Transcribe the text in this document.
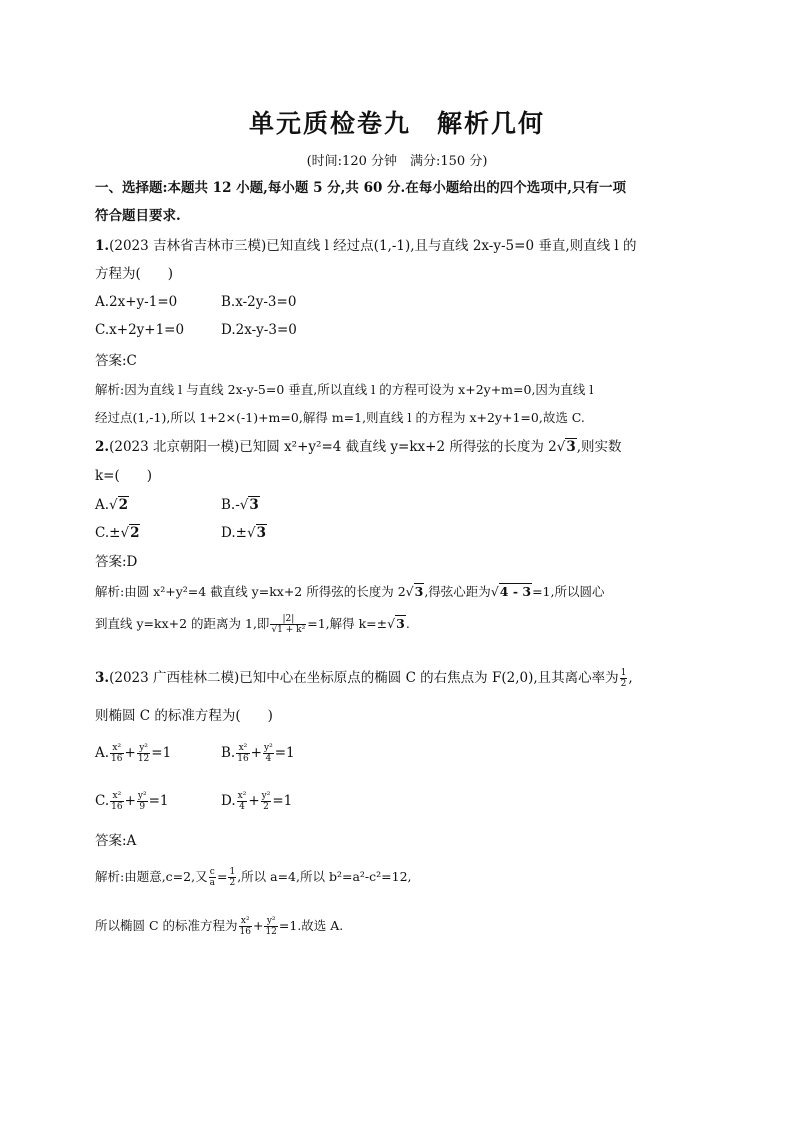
单元质检卷九 解析几何
(时间:120 分钟　满分:150 分)
一、选择题:本题共 12 小题,每小题 5 分,共 60 分.在每小题给出的四个选项中,只有一项
符合题目要求.
1.(2023 吉林省吉林市三模)已知直线 l 经过点(1,-1),且与直线 2x-y-5=0 垂直,则直线 l 的
方程为(　　)
A.2x+y-1=0	B.x-2y-3=0
C.x+2y+1=0	D.2x-y-3=0
答案:C
解析:因为直线 l 与直线 2x-y-5=0 垂直,所以直线 l 的方程可设为 x+2y+m=0,因为直线 l
经过点(1,-1),所以 1+2×(-1)+m=0,解得 m=1,则直线 l 的方程为 x+2y+1=0,故选 C.
2.(2023 北京朝阳一模)已知圆 x²+y²=4 截直线 y=kx+2 所得弦的长度为 2√3,则实数
k=(　　)
A.√2	B.-√3
C.±√2	D.±√3
答案:D
解析:由圆 x²+y²=4 截直线 y=kx+2 所得弦的长度为 2√3,得弦心距为√4 - 3=1,所以圆心
到直线 y=kx+2 的距离为 1,即 $\frac{|2|}{\text{√1 + k²}} =1$,解得 k=±√3.
3.(2023 广西桂林二模)已知中心在坐标原点的椭圆 C 的右焦点为 F(2,0),且其离心率为 $\frac{1}{2}$ ,
则椭圆 C 的标准方程为(　　)
A. $\frac{\text{x²}}{16} + \frac{\text{y²}}{12} =1$	B. $\frac{\text{x²}}{16} + \frac{\text{y²}}{4} =1$
C. $\frac{\text{x²}}{16} + \frac{\text{y²}}{9} =1$	D. $\frac{\text{x²}}{4} + \frac{\text{y²}}{2} =1$
答案:A
解析:由题意,c=2,又 $\frac{c}{a} = \frac{1}{2}$ ,所以 a=4,所以 b²=a²-c²=12,
所以椭圆 C 的标准方程为 $\frac{\text{x²}}{16} + \frac{\text{y²}}{12} =1$.故选 A.
